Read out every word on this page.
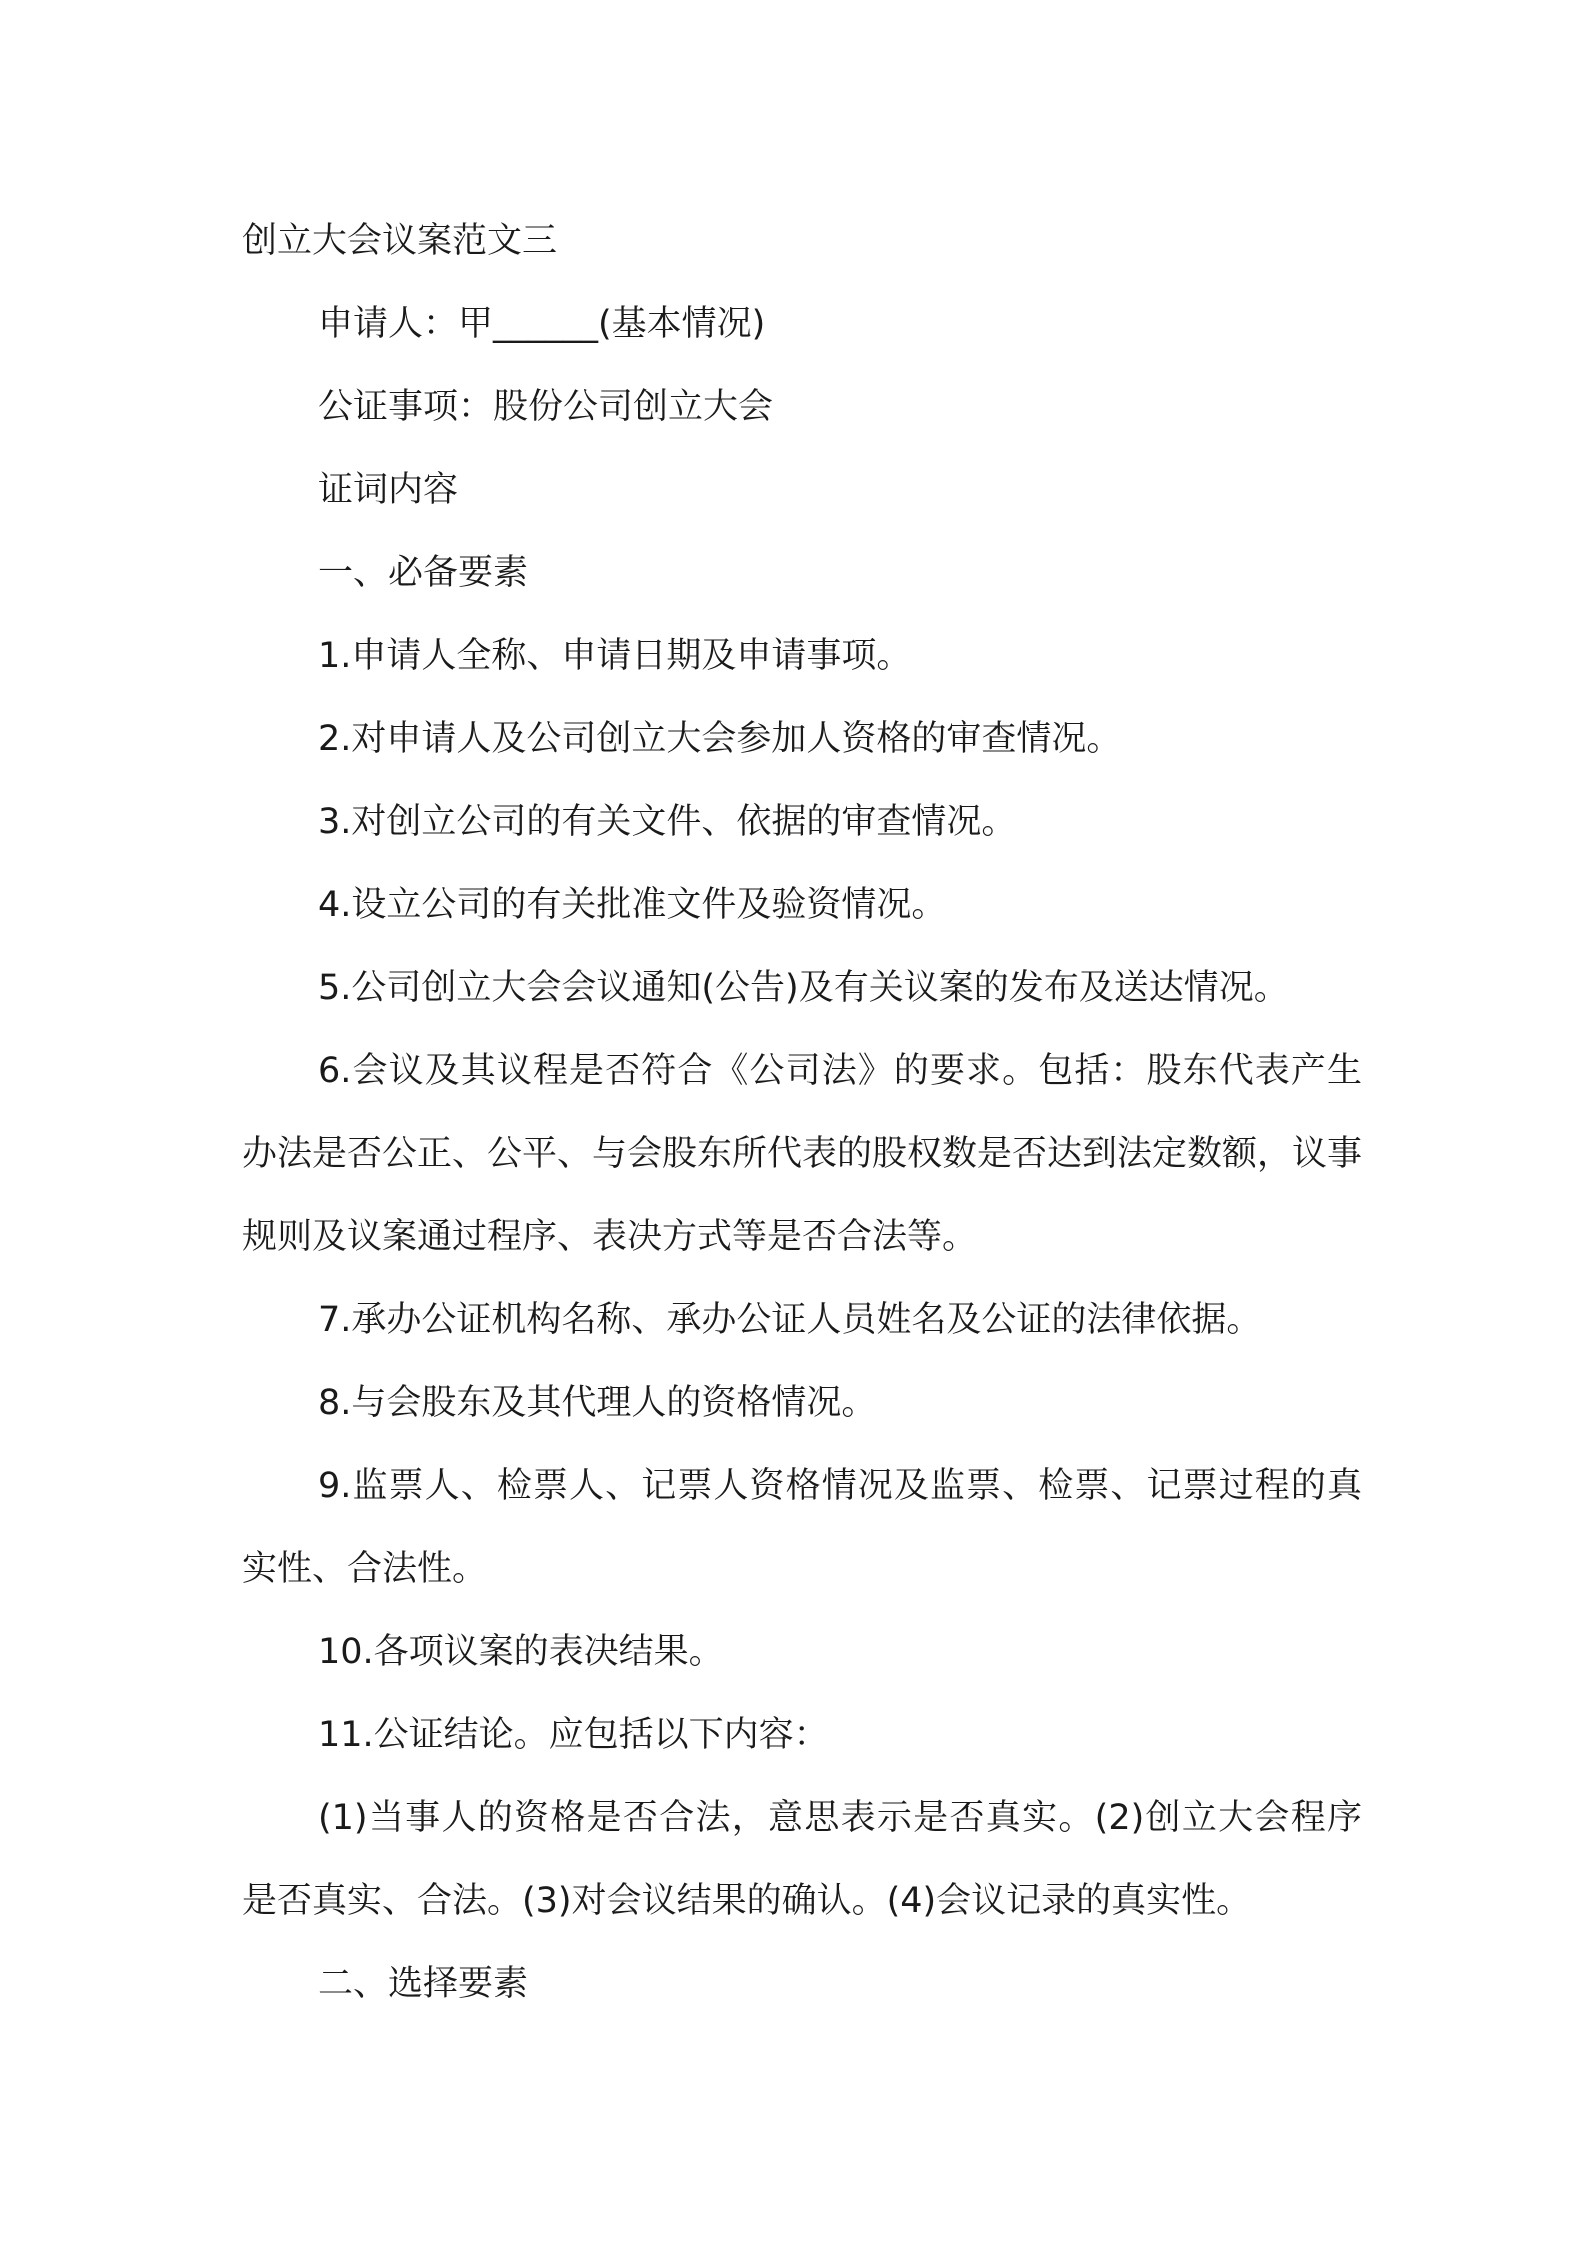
创立大会议案范文三

申请人：甲______(基本情况)

公证事项：股份公司创立大会

证词内容

一、必备要素

1.申请人全称、申请日期及申请事项。

2.对申请人及公司创立大会参加人资格的审查情况。

3.对创立公司的有关文件、依据的审查情况。

4.设立公司的有关批准文件及验资情况。

5.公司创立大会会议通知(公告)及有关议案的发布及送达情况。

6.会议及其议程是否符合《公司法》的要求。包括：股东代表产生办法是否公正、公平、与会股东所代表的股权数是否达到法定数额，议事规则及议案通过程序、表决方式等是否合法等。

7.承办公证机构名称、承办公证人员姓名及公证的法律依据。

8.与会股东及其代理人的资格情况。

9.监票人、检票人、记票人资格情况及监票、检票、记票过程的真实性、合法性。

10.各项议案的表决结果。

11.公证结论。应包括以下内容：

(1)当事人的资格是否合法，意思表示是否真实。(2)创立大会程序是否真实、合法。(3)对会议结果的确认。(4)会议记录的真实性。

二、选择要素
